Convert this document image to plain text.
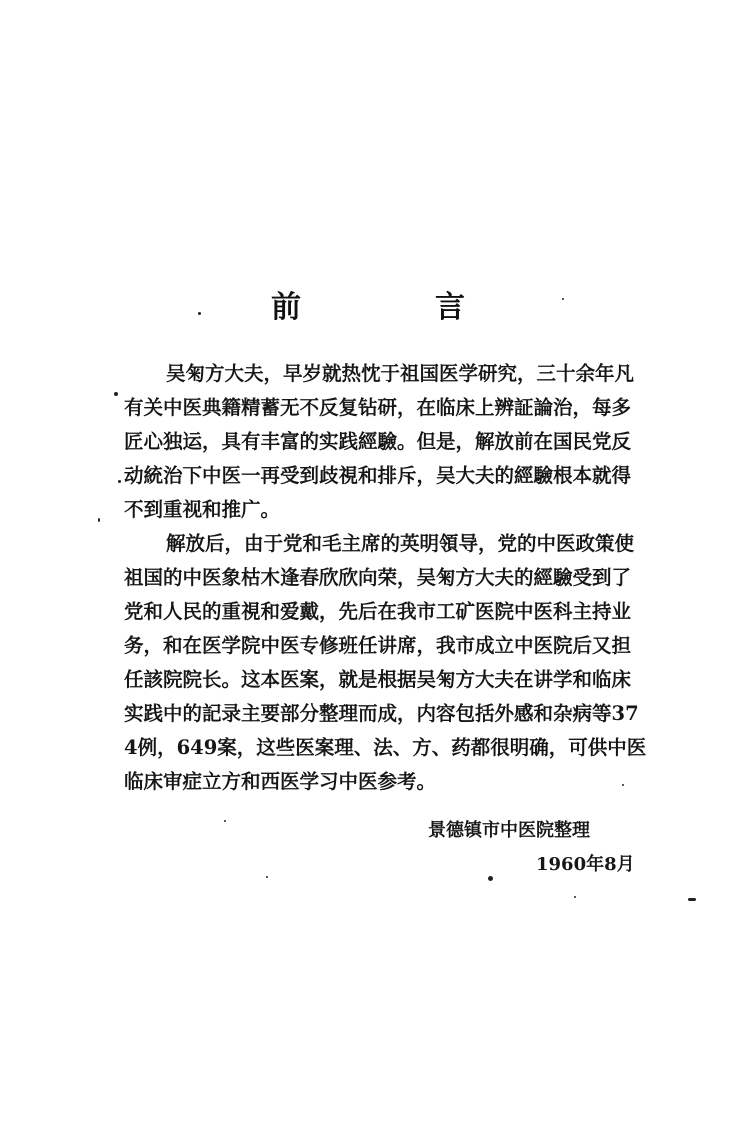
前　言
吴匊方大夫，早岁就热忱于祖国医学研究，三十余年凡
有关中医典籍精蓄无不反复钻研，在临床上辨証論治，每多
匠心独运，具有丰富的实践經驗。但是，解放前在国民党反
动統治下中医一再受到歧視和排斥，吴大夫的經驗根本就得
不到重视和推广。
解放后，由于党和毛主席的英明領导，党的中医政策使
祖国的中医象枯木逢春欣欣向荣，吴匊方大夫的經驗受到了
党和人民的重視和爱戴，先后在我市工矿医院中医科主持业
务，和在医学院中医专修班任讲席，我市成立中医院后又担
任該院院长。这本医案，就是根据吴匊方大夫在讲学和临床
实践中的記录主要部分整理而成，内容包括外感和杂病等37
4例，649案，这些医案理、法、方、药都很明确，可供中医
临床审症立方和西医学习中医参考。
景德镇市中医院整理
1960年8月
